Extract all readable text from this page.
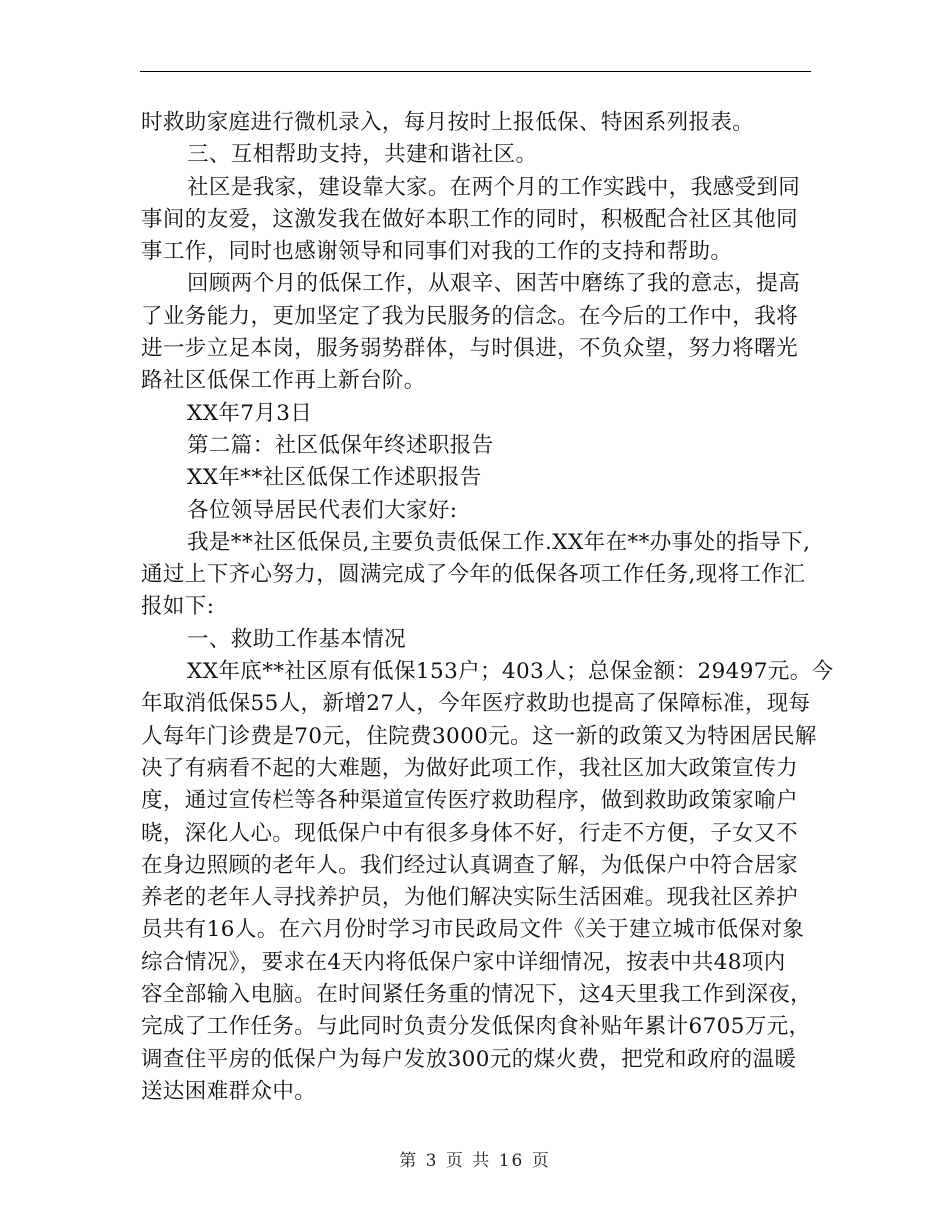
时救助家庭进行微机录入，每月按时上报低保、特困系列报表。
三、互相帮助支持，共建和谐社区。
社区是我家，建设靠大家。在两个月的工作实践中，我感受到同
事间的友爱，这激发我在做好本职工作的同时，积极配合社区其他同
事工作，同时也感谢领导和同事们对我的工作的支持和帮助。
回顾两个月的低保工作，从艰辛、困苦中磨练了我的意志，提高
了业务能力，更加坚定了我为民服务的信念。在今后的工作中，我将
进一步立足本岗，服务弱势群体，与时俱进，不负众望，努力将曙光
路社区低保工作再上新台阶。
XX年7月3日
第二篇：社区低保年终述职报告
XX年**社区低保工作述职报告
各位领导居民代表们大家好:
我是**社区低保员,主要负责低保工作.XX年在**办事处的指导下,
通过上下齐心努力，圆满完成了今年的低保各项工作任务,现将工作汇
报如下:
一、救助工作基本情况
XX年底**社区原有低保153户；403人；总保金额：29497元。今
年取消低保55人，新增27人，今年医疗救助也提高了保障标准，现每
人每年门诊费是70元，住院费3000元。这一新的政策又为特困居民解
决了有病看不起的大难题，为做好此项工作，我社区加大政策宣传力
度，通过宣传栏等各种渠道宣传医疗救助程序，做到救助政策家喻户
晓，深化人心。现低保户中有很多身体不好，行走不方便，子女又不
在身边照顾的老年人。我们经过认真调查了解，为低保户中符合居家
养老的老年人寻找养护员，为他们解决实际生活困难。现我社区养护
员共有16人。在六月份时学习市民政局文件《关于建立城市低保对象
综合情况》，要求在4天内将低保户家中详细情况，按表中共48项内
容全部输入电脑。在时间紧任务重的情况下，这4天里我工作到深夜，
完成了工作任务。与此同时负责分发低保肉食补贴年累计6705万元，
调查住平房的低保户为每户发放300元的煤火费，把党和政府的温暖
送达困难群众中。
第 3 页 共 16 页
